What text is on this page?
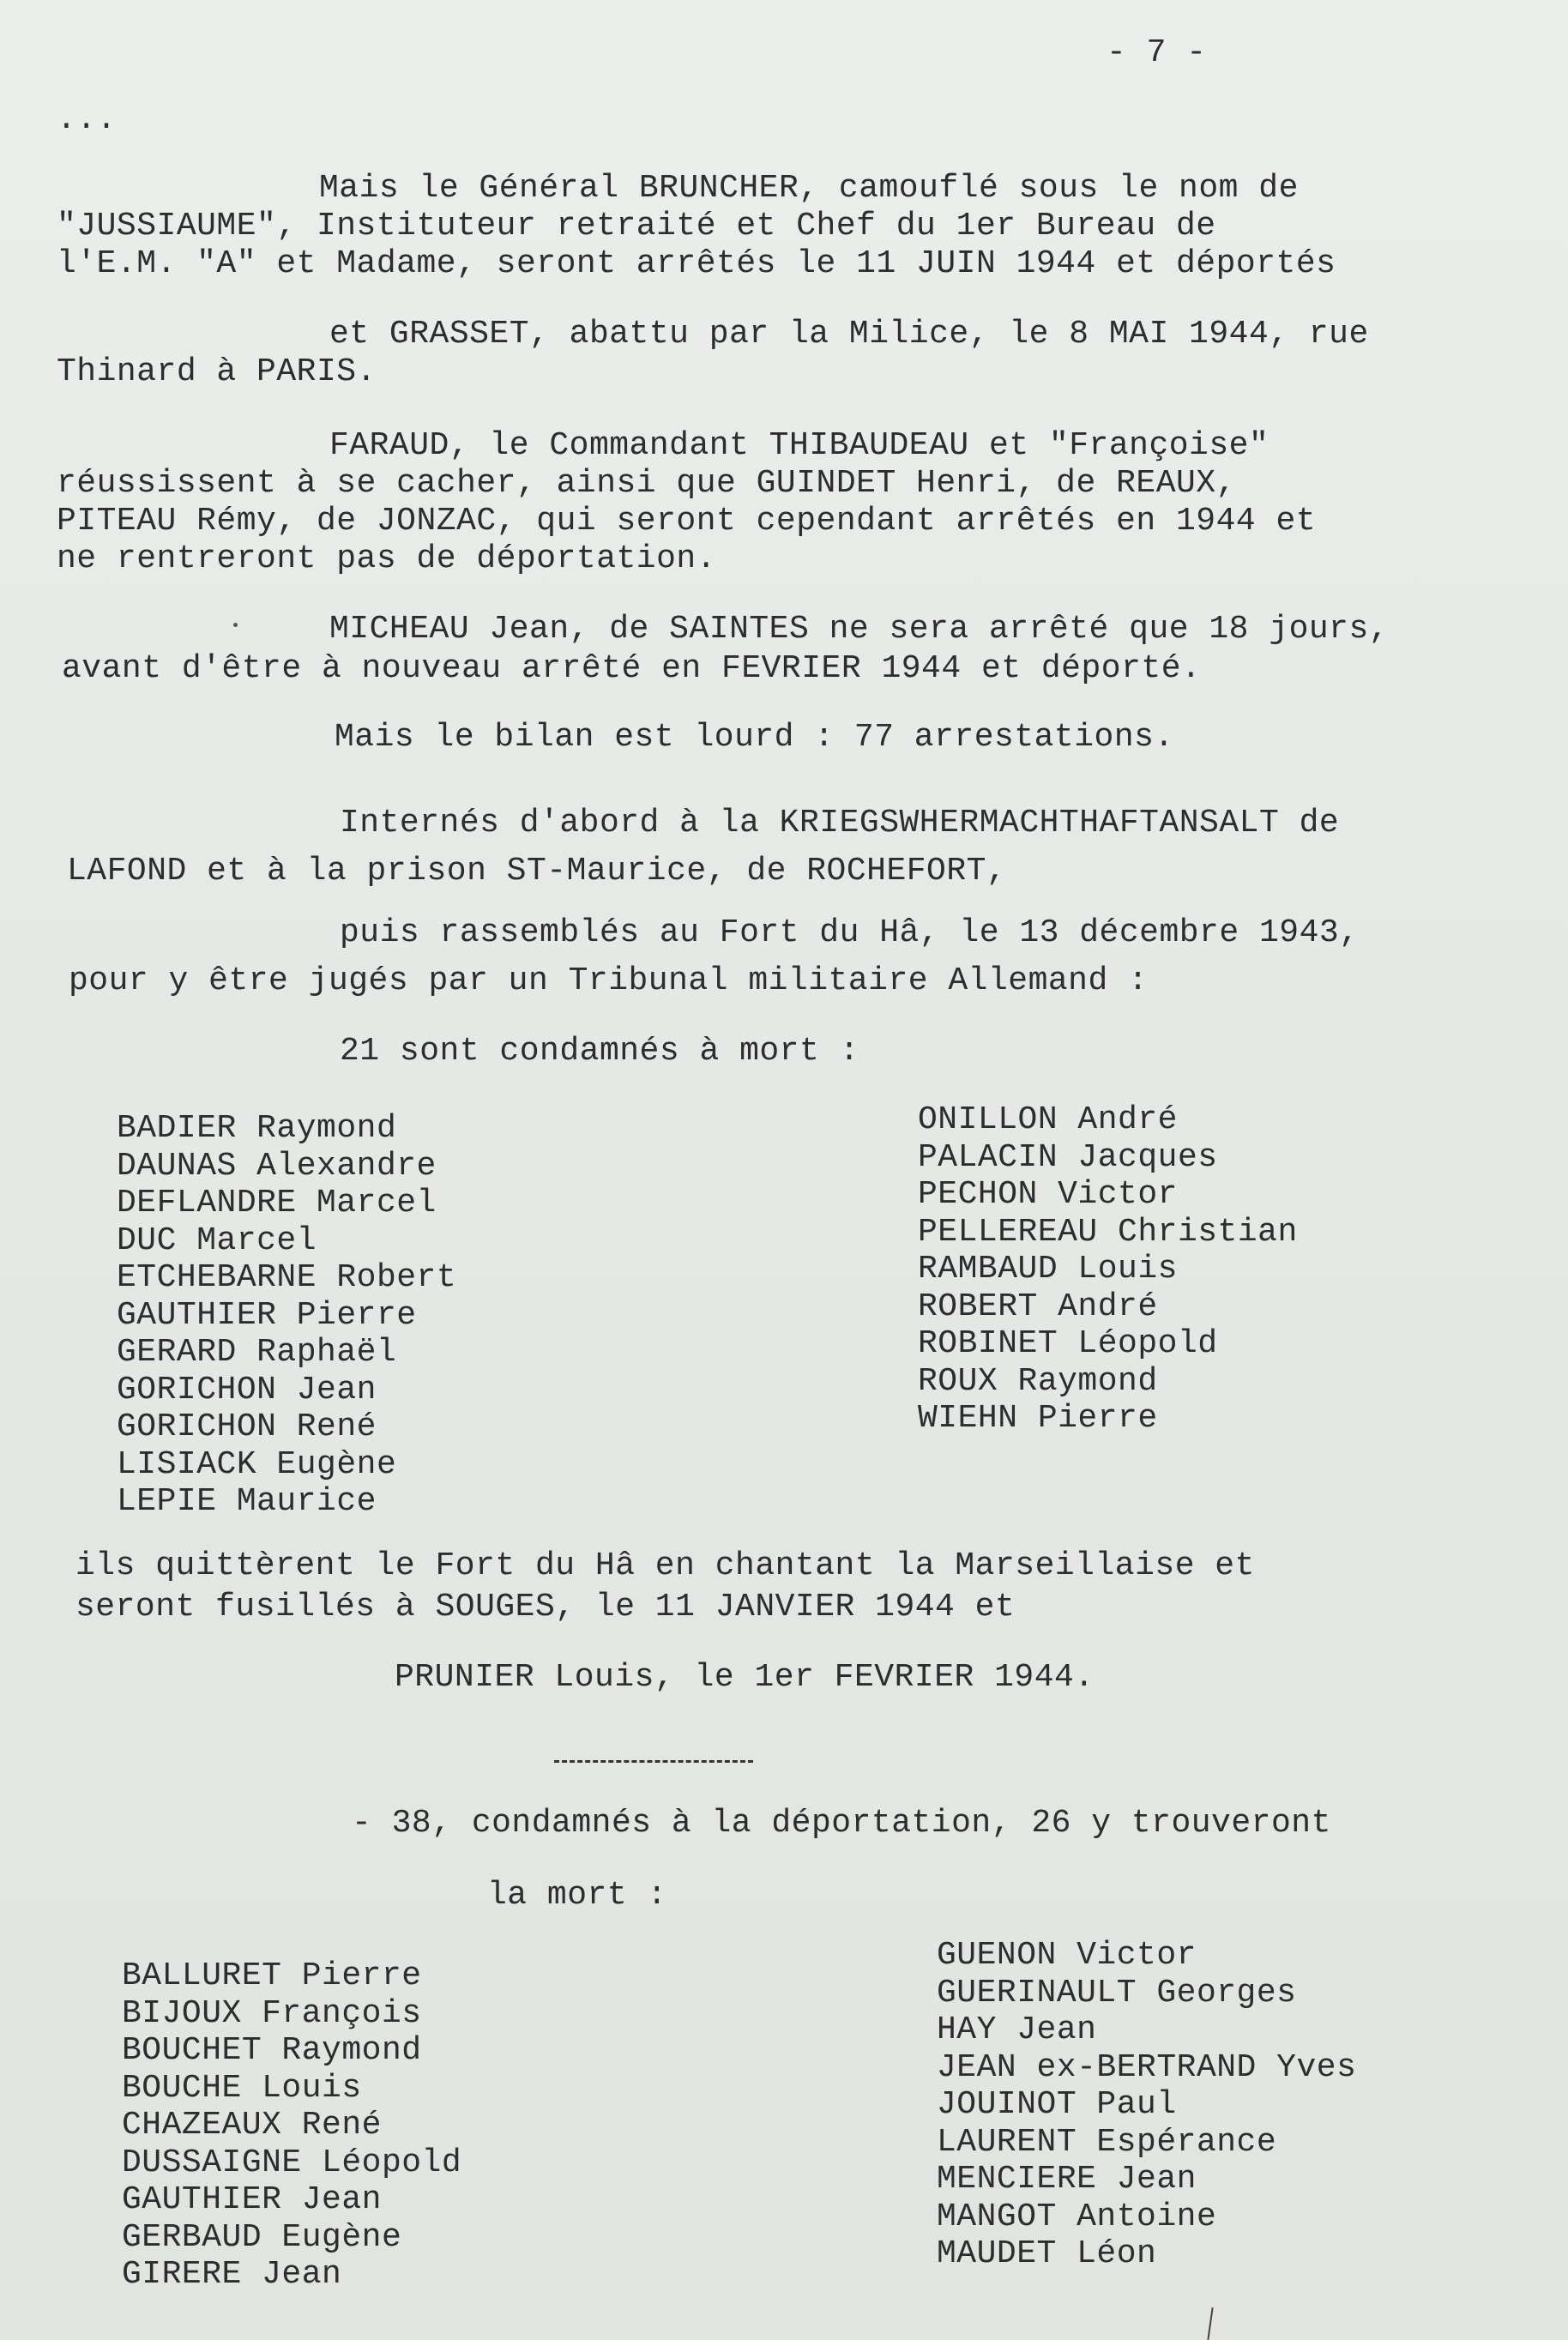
- 7 -
...
Mais le Général BRUNCHER, camouflé sous le nom de
"JUSSIAUME", Instituteur retraité et Chef du 1er Bureau de
l'E.M. "A" et Madame, seront arrêtés le 11 JUIN 1944 et déportés
et GRASSET, abattu par la Milice, le 8 MAI 1944, rue
Thinard à PARIS.
FARAUD, le Commandant THIBAUDEAU et "Françoise"
réussissent à se cacher, ainsi que GUINDET Henri, de REAUX,
PITEAU Rémy, de JONZAC, qui seront cependant arrêtés en 1944 et
ne rentreront pas de déportation.
MICHEAU Jean, de SAINTES ne sera arrêté que 18 jours,
avant d'être à nouveau arrêté en FEVRIER 1944 et déporté.
Mais le bilan est lourd : 77 arrestations.
Internés d'abord à la KRIEGSWHERMACHTHAFTANSALT de
LAFOND et à la prison ST-Maurice, de ROCHEFORT,
puis rassemblés au Fort du Hâ, le 13 décembre 1943,
pour y être jugés par un Tribunal militaire Allemand :
21 sont condamnés à mort :
BADIER Raymond
DAUNAS Alexandre
DEFLANDRE Marcel
DUC Marcel
ETCHEBARNE Robert
GAUTHIER Pierre
GERARD Raphaël
GORICHON Jean
GORICHON René
LISIACK Eugène
LEPIE Maurice
ONILLON André
PALACIN Jacques
PECHON Victor
PELLEREAU Christian
RAMBAUD Louis
ROBERT André
ROBINET Léopold
ROUX Raymond
WIEHN Pierre
ils quittèrent le Fort du Hâ en chantant la Marseillaise et
seront fusillés à SOUGES, le 11 JANVIER 1944 et
PRUNIER Louis, le 1er FEVRIER 1944.
- 38, condamnés à la déportation, 26 y trouveront
la mort :
BALLURET Pierre
BIJOUX François
BOUCHET Raymond
BOUCHE Louis
CHAZEAUX René
DUSSAIGNE Léopold
GAUTHIER Jean
GERBAUD Eugène
GIRERE Jean
GUENON Victor
GUERINAULT Georges
HAY Jean
JEAN ex-BERTRAND Yves
JOUINOT Paul
LAURENT Espérance
MENCIERE Jean
MANGOT Antoine
MAUDET Léon
